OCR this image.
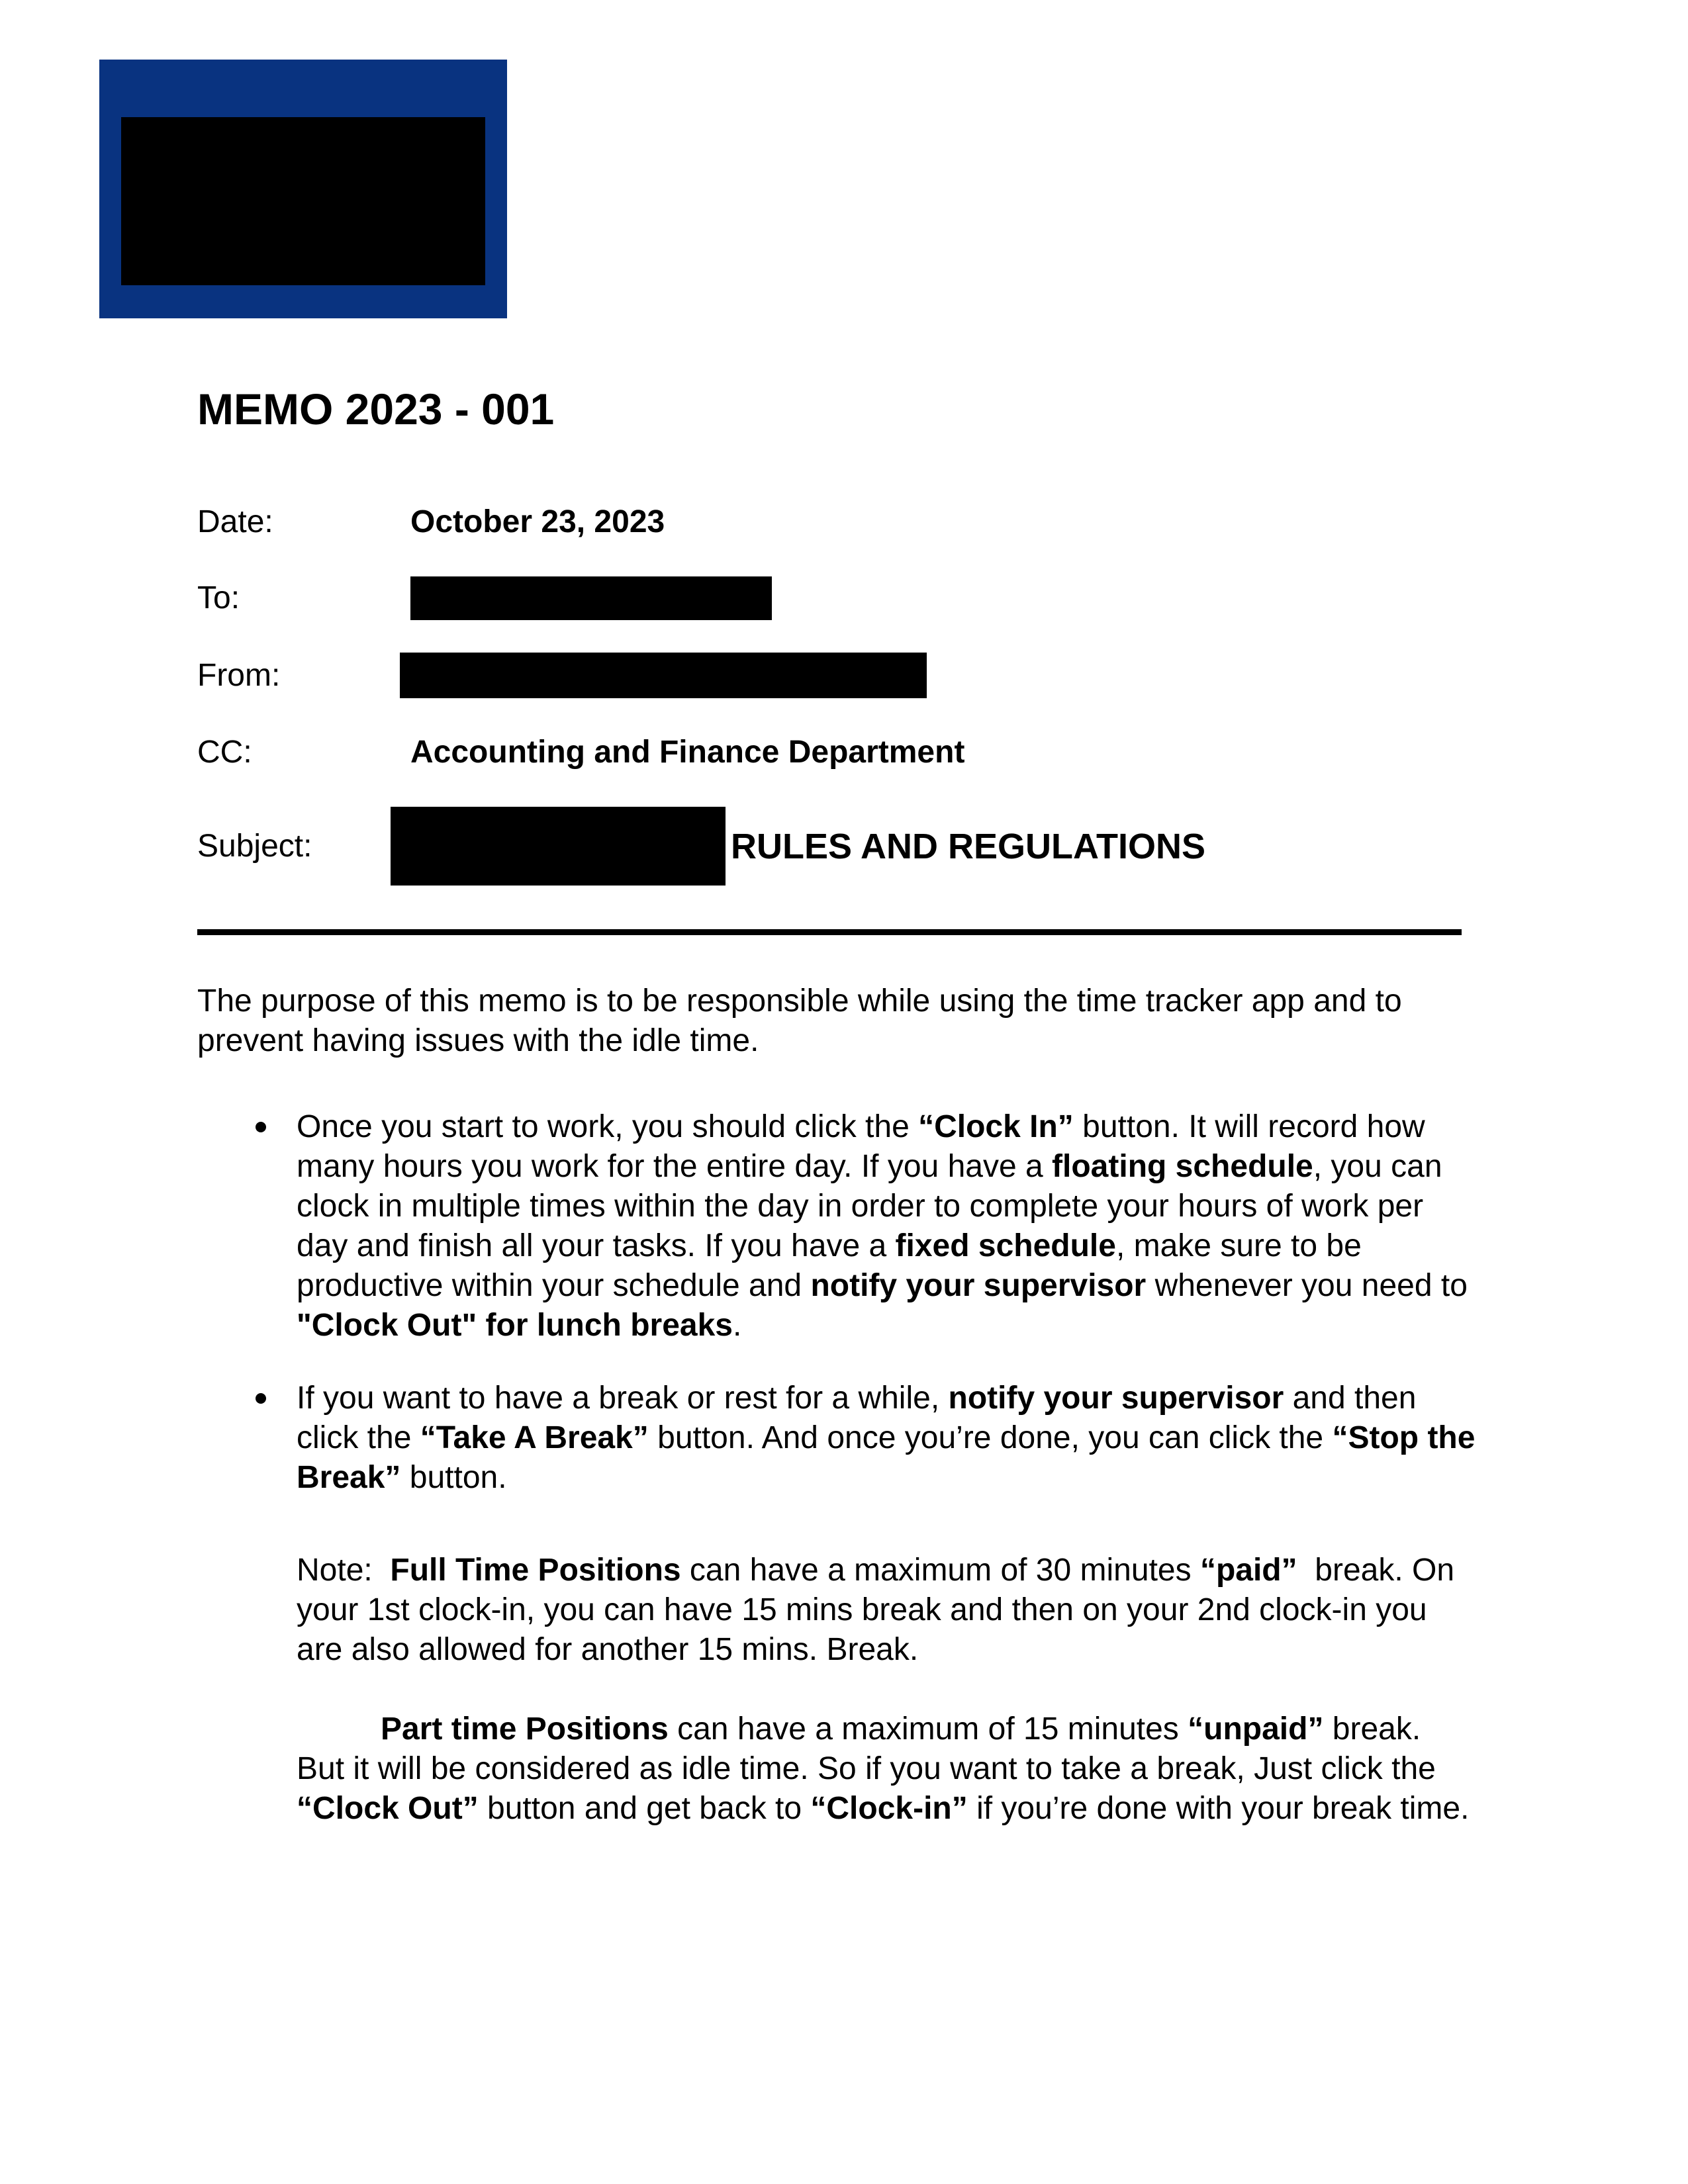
MEMO 2023 - 001
Date:	October 23, 2023
To:
From:
CC:	Accounting and Finance Department
Subject:	RULES AND REGULATIONS

The purpose of this memo is to be responsible while using the time tracker app and to prevent having issues with the idle time.

Once you start to work, you should click the “Clock In” button. It will record how many hours you work for the entire day. If you have a floating schedule, you can clock in multiple times within the day in order to complete your hours of work per day and finish all your tasks. If you have a fixed schedule, make sure to be productive within your schedule and notify your supervisor whenever you need to "Clock Out" for lunch breaks.
If you want to have a break or rest for a while, notify your supervisor and then click the “Take A Break” button. And once you’re done, you can click the “Stop the Break” button.

Note:  Full Time Positions can have a maximum of 30 minutes “paid”  break. On your 1st clock-in, you can have 15 mins break and then on your 2nd clock-in you are also allowed for another 15 mins. Break.

Part time Positions can have a maximum of 15 minutes “unpaid” break. But it will be considered as idle time. So if you want to take a break, Just click the “Clock Out” button and get back to “Clock-in” if you’re done with your break time.
